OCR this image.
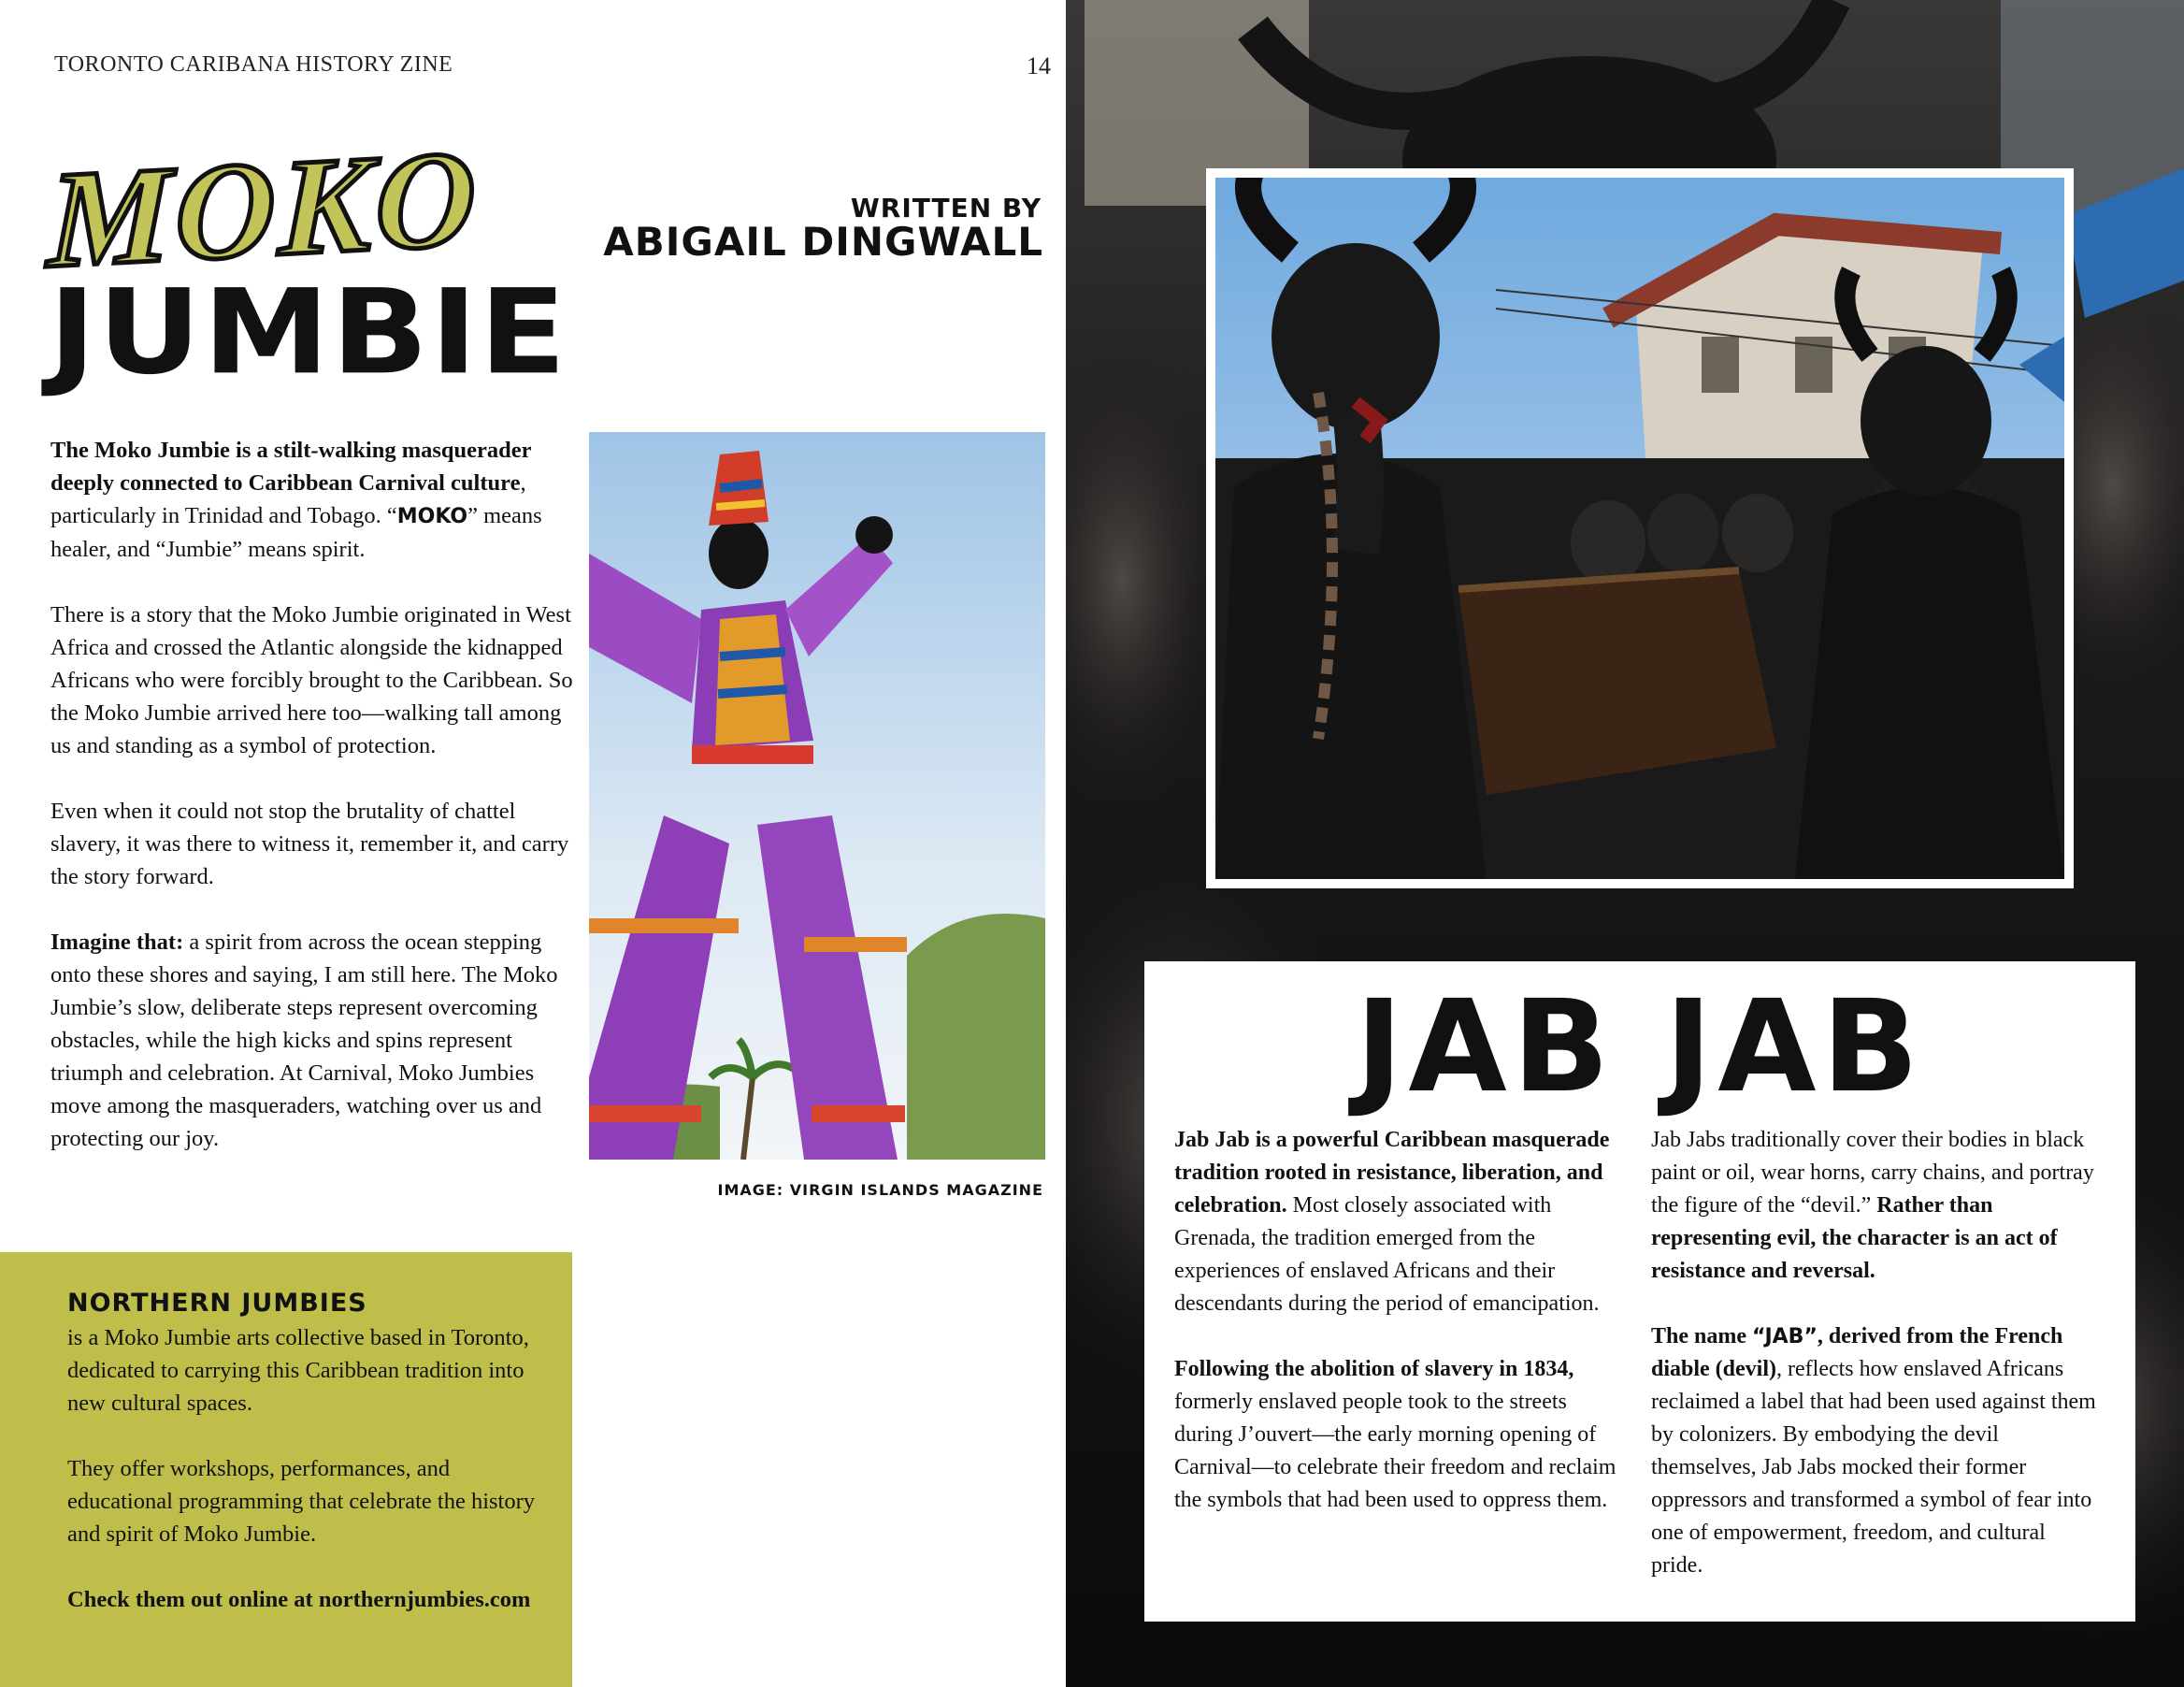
TORONTO CARIBANA HISTORY ZINE	14
MOKO
JUMBIE
WRITTEN BY
ABIGAIL DINGWALL

The Moko Jumbie is a stilt-walking masquerader deeply connected to Caribbean Carnival culture, particularly in Trinidad and Tobago. “MOKO” means healer, and “Jumbie” means spirit.

There is a story that the Moko Jumbie originated in West Africa and crossed the Atlantic alongside the kidnapped Africans who were forcibly brought to the Caribbean. So the Moko Jumbie arrived here too—walking tall among us and standing as a symbol of protection.

Even when it could not stop the brutality of chattel slavery, it was there to witness it, remember it, and carry the story forward.

Imagine that: a spirit from across the ocean stepping onto these shores and saying, I am still here. The Moko Jumbie’s slow, deliberate steps represent overcoming obstacles, while the high kicks and spins represent triumph and celebration. At Carnival, Moko Jumbies move among the masqueraders, watching over us and protecting our joy.

IMAGE: VIRGIN ISLANDS MAGAZINE
NORTHERN JUMBIES

is a Moko Jumbie arts collective based in Toronto, dedicated to carrying this Caribbean tradition into new cultural spaces.

They offer workshops, performances, and educational programming that celebrate the history and spirit of Moko Jumbie.

Check them out online at northernjumbies.com

JAB JAB

Jab Jab is a powerful Caribbean masquerade tradition rooted in resistance, liberation, and celebration. Most closely associated with Grenada, the tradition emerged from the experiences of enslaved Africans and their descendants during the period of emancipation.

Following the abolition of slavery in 1834, formerly enslaved people took to the streets during J’ouvert—the early morning opening of Carnival—to celebrate their freedom and reclaim the symbols that had been used to oppress them.

Jab Jabs traditionally cover their bodies in black paint or oil, wear horns, carry chains, and portray the figure of the “devil.” Rather than representing evil, the character is an act of resistance and reversal.

The name “JAB”, derived from the French diable (devil), reflects how enslaved Africans reclaimed a label that had been used against them by colonizers. By embodying the devil themselves, Jab Jabs mocked their former oppressors and transformed a symbol of fear into one of empowerment, freedom, and cultural pride.
